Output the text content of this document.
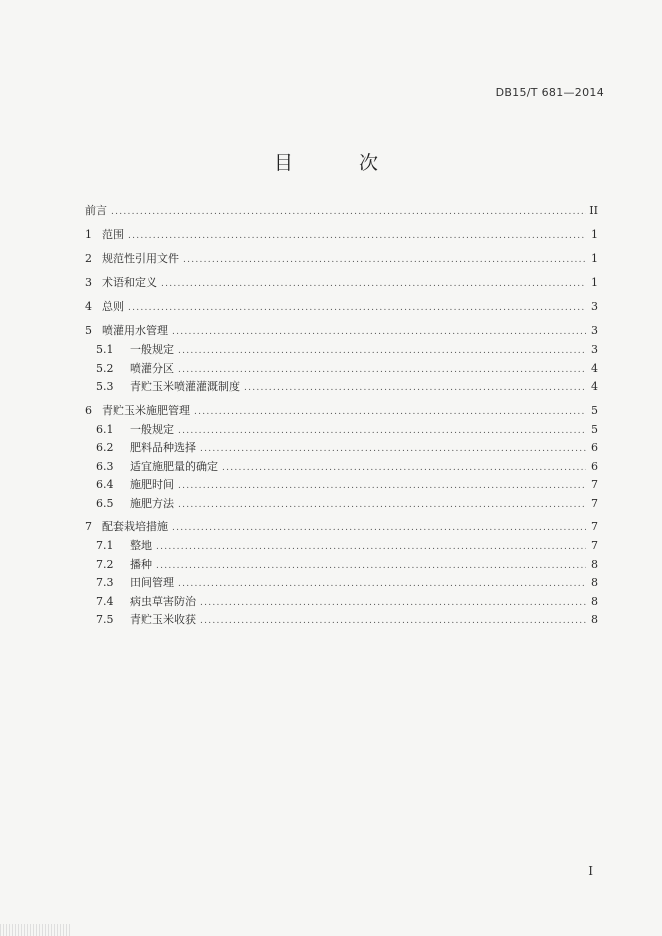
DB15/T 681—2014
目 次
前言 . . .	II
1 范围 . . .	1
2 规范性引用文件 . . .	1
3 术语和定义 . . .	1
4 总则 . . .	3
5 喷灌用水管理 . . .	3
5.1	一般规定 . . .	3
5.2	喷灌分区 . . .	4
5.3	青贮玉米喷灌灌溉制度 . . .	4
6 青贮玉米施肥管理 . . .	5
6.1	一般规定 . . .	5
6.2	肥料品种选择 . . .	6
6.3	适宜施肥量的确定 . . .	6
6.4	施肥时间 . . .	7
6.5	施肥方法 . . .	7
7 配套栽培措施 . . .	7
7.1	整地 . . .	7
7.2	播种 . . .	8
7.3	田间管理 . . .	8
7.4	病虫草害防治 . . .	8
7.5	青贮玉米收获 . . .	8
I
